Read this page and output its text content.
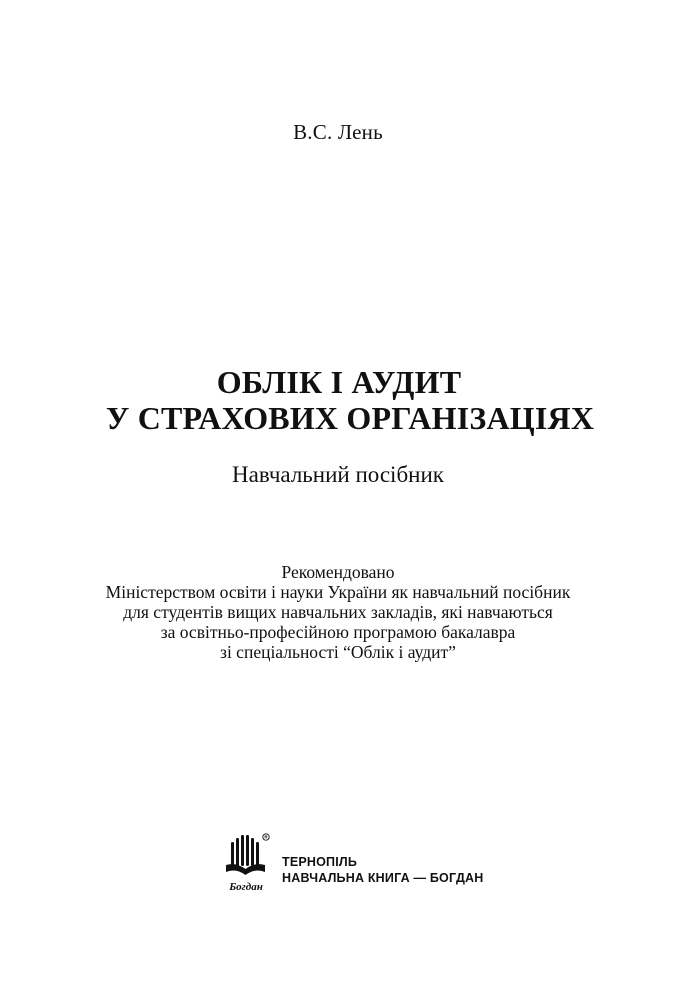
В.С. Лень
ОБЛІК І АУДИТ
У СТРАХОВИХ ОРГАНІЗАЦІЯХ
Навчальний посібник
Рекомендовано
Міністерством освіти і науки України як навчальний посібник
для студентів вищих навчальних закладів, які навчаються
за освітньо-професійною програмою бакалавра
зі спеціальності “Облік і аудит”
R
Богдан
ТЕРНОПІЛЬ
НАВЧАЛЬНА КНИГА — БОГДАН
